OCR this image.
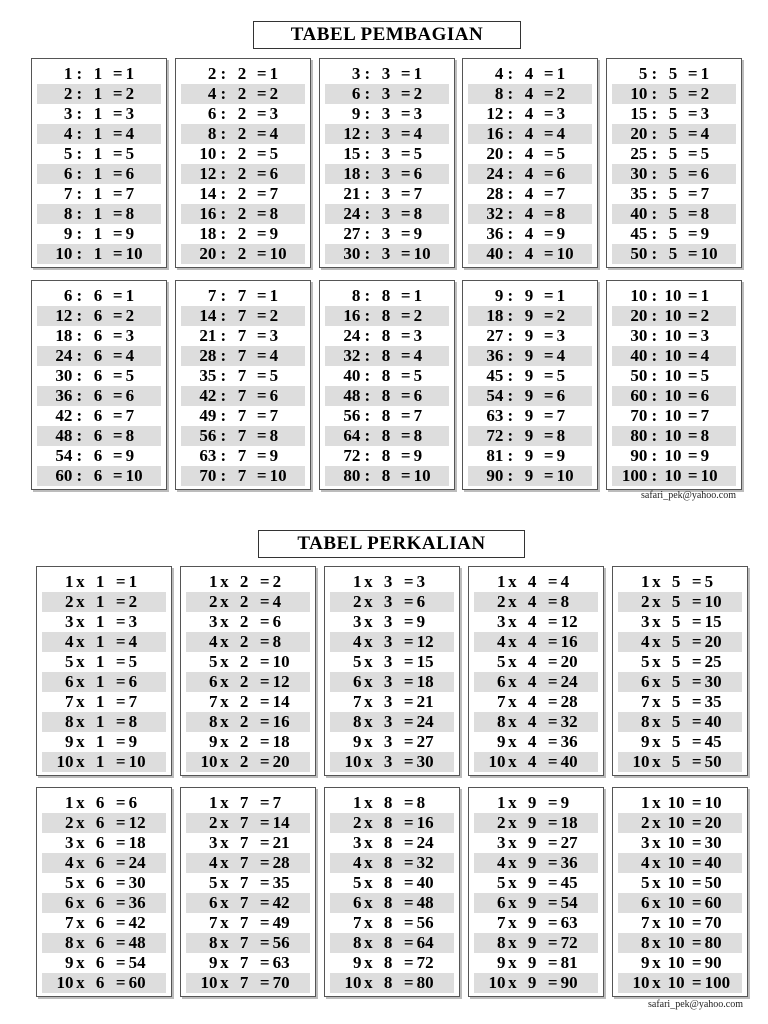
TABEL PEMBAGIAN
1 : 1 = 1
2 : 1 = 2
3 : 1 = 3
4 : 1 = 4
5 : 1 = 5
6 : 1 = 6
7 : 1 = 7
8 : 1 = 8
9 : 1 = 9
10 : 1 = 10
2 : 2 = 1
4 : 2 = 2
6 : 2 = 3
8 : 2 = 4
10 : 2 = 5
12 : 2 = 6
14 : 2 = 7
16 : 2 = 8
18 : 2 = 9
20 : 2 = 10
3 : 3 = 1
6 : 3 = 2
9 : 3 = 3
12 : 3 = 4
15 : 3 = 5
18 : 3 = 6
21 : 3 = 7
24 : 3 = 8
27 : 3 = 9
30 : 3 = 10
4 : 4 = 1
8 : 4 = 2
12 : 4 = 3
16 : 4 = 4
20 : 4 = 5
24 : 4 = 6
28 : 4 = 7
32 : 4 = 8
36 : 4 = 9
40 : 4 = 10
5 : 5 = 1
10 : 5 = 2
15 : 5 = 3
20 : 5 = 4
25 : 5 = 5
30 : 5 = 6
35 : 5 = 7
40 : 5 = 8
45 : 5 = 9
50 : 5 = 10
6 : 6 = 1
12 : 6 = 2
18 : 6 = 3
24 : 6 = 4
30 : 6 = 5
36 : 6 = 6
42 : 6 = 7
48 : 6 = 8
54 : 6 = 9
60 : 6 = 10
7 : 7 = 1
14 : 7 = 2
21 : 7 = 3
28 : 7 = 4
35 : 7 = 5
42 : 7 = 6
49 : 7 = 7
56 : 7 = 8
63 : 7 = 9
70 : 7 = 10
8 : 8 = 1
16 : 8 = 2
24 : 8 = 3
32 : 8 = 4
40 : 8 = 5
48 : 8 = 6
56 : 8 = 7
64 : 8 = 8
72 : 8 = 9
80 : 8 = 10
9 : 9 = 1
18 : 9 = 2
27 : 9 = 3
36 : 9 = 4
45 : 9 = 5
54 : 9 = 6
63 : 9 = 7
72 : 9 = 8
81 : 9 = 9
90 : 9 = 10
10 : 10 = 1
20 : 10 = 2
30 : 10 = 3
40 : 10 = 4
50 : 10 = 5
60 : 10 = 6
70 : 10 = 7
80 : 10 = 8
90 : 10 = 9
100 : 10 = 10
safari_pek@yahoo.com
TABEL PERKALIAN
1 x 1 = 1
2 x 1 = 2
3 x 1 = 3
4 x 1 = 4
5 x 1 = 5
6 x 1 = 6
7 x 1 = 7
8 x 1 = 8
9 x 1 = 9
10 x 1 = 10
1 x 2 = 2
2 x 2 = 4
3 x 2 = 6
4 x 2 = 8
5 x 2 = 10
6 x 2 = 12
7 x 2 = 14
8 x 2 = 16
9 x 2 = 18
10 x 2 = 20
1 x 3 = 3
2 x 3 = 6
3 x 3 = 9
4 x 3 = 12
5 x 3 = 15
6 x 3 = 18
7 x 3 = 21
8 x 3 = 24
9 x 3 = 27
10 x 3 = 30
1 x 4 = 4
2 x 4 = 8
3 x 4 = 12
4 x 4 = 16
5 x 4 = 20
6 x 4 = 24
7 x 4 = 28
8 x 4 = 32
9 x 4 = 36
10 x 4 = 40
1 x 5 = 5
2 x 5 = 10
3 x 5 = 15
4 x 5 = 20
5 x 5 = 25
6 x 5 = 30
7 x 5 = 35
8 x 5 = 40
9 x 5 = 45
10 x 5 = 50
1 x 6 = 6
2 x 6 = 12
3 x 6 = 18
4 x 6 = 24
5 x 6 = 30
6 x 6 = 36
7 x 6 = 42
8 x 6 = 48
9 x 6 = 54
10 x 6 = 60
1 x 7 = 7
2 x 7 = 14
3 x 7 = 21
4 x 7 = 28
5 x 7 = 35
6 x 7 = 42
7 x 7 = 49
8 x 7 = 56
9 x 7 = 63
10 x 7 = 70
1 x 8 = 8
2 x 8 = 16
3 x 8 = 24
4 x 8 = 32
5 x 8 = 40
6 x 8 = 48
7 x 8 = 56
8 x 8 = 64
9 x 8 = 72
10 x 8 = 80
1 x 9 = 9
2 x 9 = 18
3 x 9 = 27
4 x 9 = 36
5 x 9 = 45
6 x 9 = 54
7 x 9 = 63
8 x 9 = 72
9 x 9 = 81
10 x 9 = 90
1 x 10 = 10
2 x 10 = 20
3 x 10 = 30
4 x 10 = 40
5 x 10 = 50
6 x 10 = 60
7 x 10 = 70
8 x 10 = 80
9 x 10 = 90
10 x 10 = 100
safari_pek@yahoo.com
